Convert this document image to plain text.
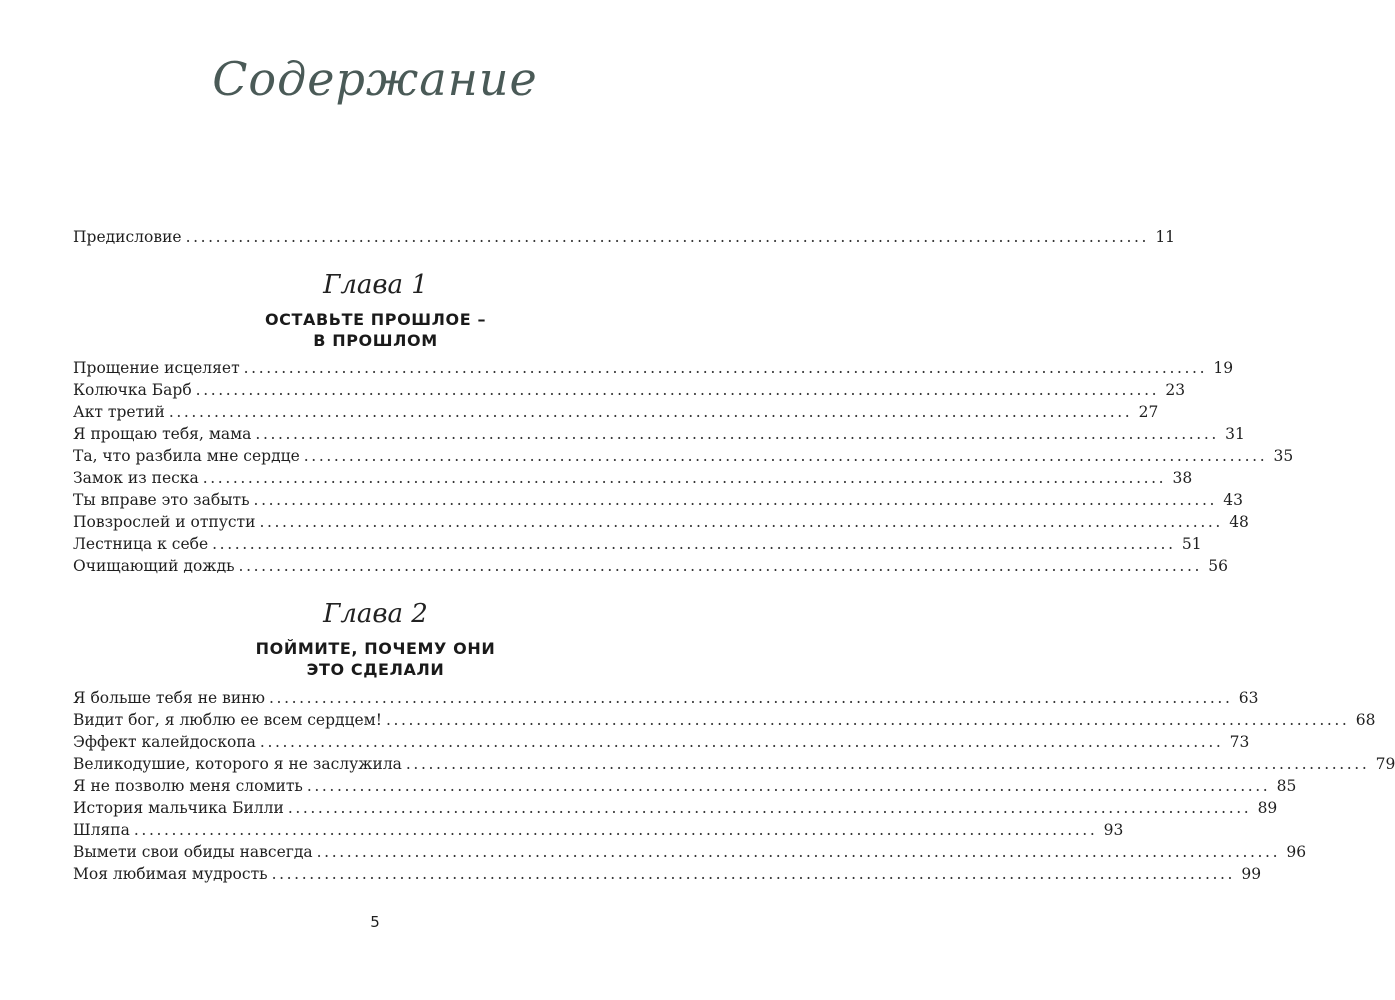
Содержание
Предисловие ................................................................................................................................ 11
Глава 1
ОСТАВЬТЕ ПРОШЛОЕ –
В ПРОШЛОМ
Прощение исцеляет ................................................................................................................................ 19
Колючка Барб ................................................................................................................................ 23
Акт третий ................................................................................................................................ 27
Я прощаю тебя, мама ................................................................................................................................ 31
Та, что разбила мне сердце ................................................................................................................................ 35
Замок из песка ................................................................................................................................ 38
Ты вправе это забыть ................................................................................................................................ 43
Повзрослей и отпусти ................................................................................................................................ 48
Лестница к себе ................................................................................................................................ 51
Очищающий дождь ................................................................................................................................ 56
Глава 2
ПОЙМИТЕ, ПОЧЕМУ ОНИ
ЭТО СДЕЛАЛИ
Я больше тебя не виню ................................................................................................................................ 63
Видит бог, я люблю ее всем сердцем! ................................................................................................................................ 68
Эффект калейдоскопа ................................................................................................................................ 73
Великодушие, которого я не заслужила ................................................................................................................................ 79
Я не позволю меня сломить ................................................................................................................................ 85
История мальчика Билли ................................................................................................................................ 89
Шляпа ................................................................................................................................ 93
Вымети свои обиды навсегда ................................................................................................................................ 96
Моя любимая мудрость ................................................................................................................................ 99
5
